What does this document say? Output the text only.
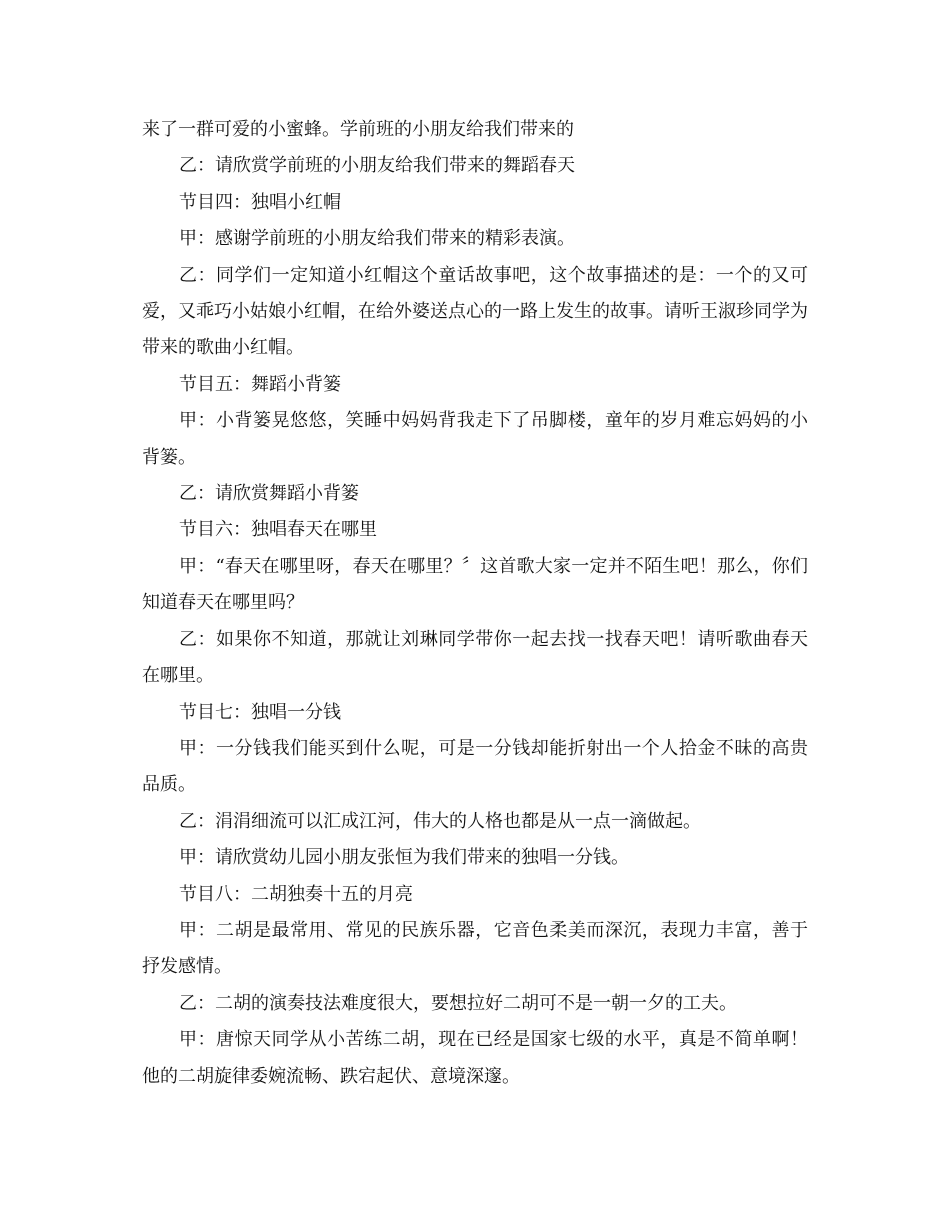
来了一群可爱的小蜜蜂。学前班的小朋友给我们带来的

乙：请欣赏学前班的小朋友给我们带来的舞蹈春天

节目四：独唱小红帽

甲：感谢学前班的小朋友给我们带来的精彩表演。

乙：同学们一定知道小红帽这个童话故事吧，这个故事描述的是：一个的又可爱，又乖巧小姑娘小红帽，在给外婆送点心的一路上发生的故事。请听王淑珍同学为带来的歌曲小红帽。

节目五：舞蹈小背篓

甲：小背篓晃悠悠，笑睡中妈妈背我走下了吊脚楼，童年的岁月难忘妈妈的小背篓。

乙：请欣赏舞蹈小背篓

节目六：独唱春天在哪里

甲：“春天在哪里呀，春天在哪里？〞这首歌大家一定并不陌生吧！那么，你们知道春天在哪里吗？

乙：如果你不知道，那就让刘琳同学带你一起去找一找春天吧！请听歌曲春天在哪里。

节目七：独唱一分钱

甲：一分钱我们能买到什么呢，可是一分钱却能折射出一个人拾金不昧的高贵品质。

乙：涓涓细流可以汇成江河，伟大的人格也都是从一点一滴做起。

甲：请欣赏幼儿园小朋友张恒为我们带来的独唱一分钱。

节目八：二胡独奏十五的月亮

甲：二胡是最常用、常见的民族乐器，它音色柔美而深沉，表现力丰富，善于抒发感情。

乙：二胡的演奏技法难度很大，要想拉好二胡可不是一朝一夕的工夫。

甲：唐惊天同学从小苦练二胡，现在已经是国家七级的水平，真是不简单啊！他的二胡旋律委婉流畅、跌宕起伏、意境深邃。
